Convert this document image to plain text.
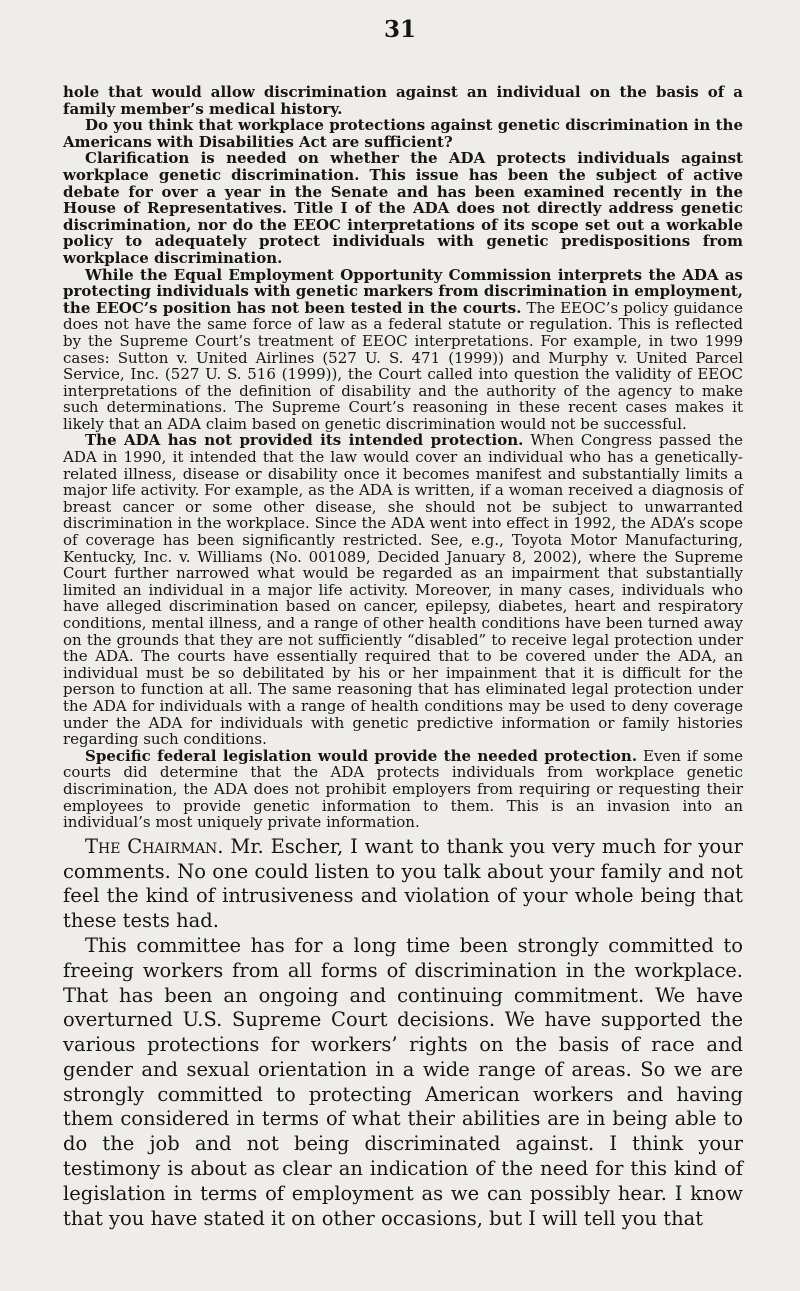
31

hole that would allow discrimination against an individual on the basis of a family member’s medical history.

Do you think that workplace protections against genetic discrimination in the Americans with Disabilities Act are sufficient?

Clarification is needed on whether the ADA protects individuals against workplace genetic discrimination. This issue has been the subject of active debate for over a year in the Senate and has been examined recently in the House of Representatives. Title I of the ADA does not directly address genetic discrimination, nor do the EEOC interpretations of its scope set out a workable policy to adequately protect individuals with genetic predispositions from workplace discrimination.

While the Equal Employment Opportunity Commission interprets the ADA as protecting individuals with genetic markers from discrimination in employment, the EEOC’s position has not been tested in the courts. The EEOC’s policy guidance does not have the same force of law as a federal statute or regulation. This is reflected by the Supreme Court’s treatment of EEOC interpretations. For example, in two 1999 cases: Sutton v. United Airlines (527 U. S. 471 (1999)) and Murphy v. United Parcel Service, Inc. (527 U. S. 516 (1999)), the Court called into question the validity of EEOC interpretations of the definition of disability and the authority of the agency to make such determinations. The Supreme Court’s reasoning in these recent cases makes it likely that an ADA claim based on genetic discrimination would not be successful.

The ADA has not provided its intended protection. When Congress passed the ADA in 1990, it intended that the law would cover an individual who has a genetically-related illness, disease or disability once it becomes manifest and substantially limits a major life activity. For example, as the ADA is written, if a woman received a diagnosis of breast cancer or some other disease, she should not be subject to unwarranted discrimination in the workplace. Since the ADA went into effect in 1992, the ADA’s scope of coverage has been significantly restricted. See, e.g., Toyota Motor Manufacturing, Kentucky, Inc. v. Williams (No. 001089, Decided January 8, 2002), where the Supreme Court further narrowed what would be regarded as an impairment that substantially limited an individual in a major life activity. Moreover, in many cases, individuals who have alleged discrimination based on cancer, epilepsy, diabetes, heart and respiratory conditions, mental illness, and a range of other health conditions have been turned away on the grounds that they are not sufficiently “disabled” to receive legal protection under the ADA. The courts have essentially required that to be covered under the ADA, an individual must be so debilitated by his or her impainment that it is difficult for the person to function at all. The same reasoning that has eliminated legal protection under the ADA for individuals with a range of health conditions may be used to deny coverage under the ADA for individuals with genetic predictive information or family histories regarding such conditions.

Specific federal legislation would provide the needed protection. Even if some courts did determine that the ADA protects individuals from workplace genetic discrimination, the ADA does not prohibit employers from requiring or requesting their employees to provide genetic information to them. This is an invasion into an individual’s most uniquely private information.

The Chairman. Mr. Escher, I want to thank you very much for your comments. No one could listen to you talk about your family and not feel the kind of intrusiveness and violation of your whole being that these tests had.

This committee has for a long time been strongly committed to freeing workers from all forms of discrimination in the workplace. That has been an ongoing and continuing commitment. We have overturned U.S. Supreme Court decisions. We have supported the various protections for workers’ rights on the basis of race and gender and sexual orientation in a wide range of areas. So we are strongly committed to protecting American workers and having them considered in terms of what their abilities are in being able to do the job and not being discriminated against. I think your testimony is about as clear an indication of the need for this kind of legislation in terms of employment as we can possibly hear. I know that you have stated it on other occasions, but I will tell you that
